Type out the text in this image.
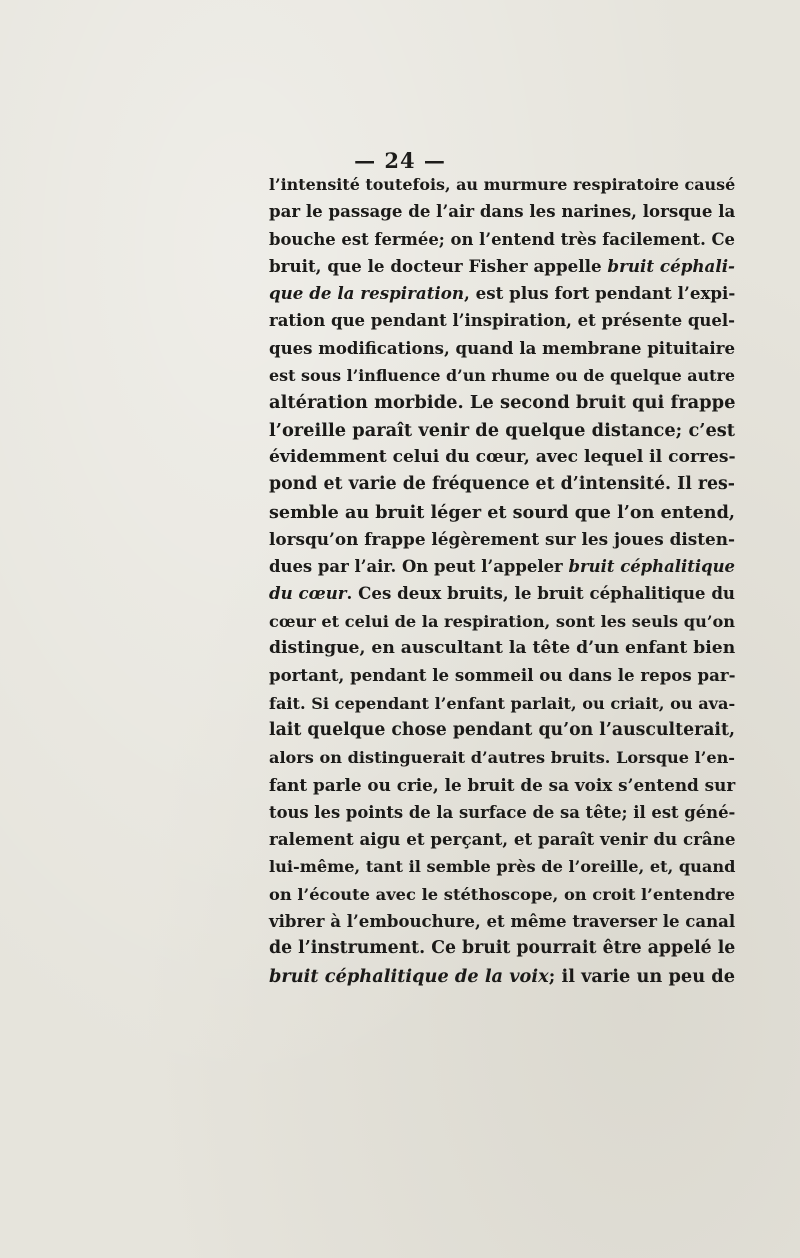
— 24 —
l’intensité toutefois, au murmure respiratoire causé
par le passage de l’air dans les narines, lorsque la
bouche est fermée; on l’entend très facilement. Ce
bruit, que le docteur Fisher appelle bruit céphali-
que de la respiration, est plus fort pendant l’expi-
ration que pendant l’inspiration, et présente quel-
ques modifications, quand la membrane pituitaire
est sous l’influence d’un rhume ou de quelque autre
altération morbide. Le second bruit qui frappe
l’oreille paraît venir de quelque distance; c’est
évidemment celui du cœur, avec lequel il corres-
pond et varie de fréquence et d’intensité. Il res-
semble au bruit léger et sourd que l’on entend,
lorsqu’on frappe légèrement sur les joues disten-
dues par l’air. On peut l’appeler bruit céphalitique
du cœur. Ces deux bruits, le bruit céphalitique du
cœur et celui de la respiration, sont les seuls qu’on
distingue, en auscultant la tête d’un enfant bien
portant, pendant le sommeil ou dans le repos par-
fait. Si cependant l’enfant parlait, ou criait, ou ava-
lait quelque chose pendant qu’on l’ausculterait,
alors on distinguerait d’autres bruits. Lorsque l’en-
fant parle ou crie, le bruit de sa voix s’entend sur
tous les points de la surface de sa tête; il est géné-
ralement aigu et perçant, et paraît venir du crâne
lui-même, tant il semble près de l’oreille, et, quand
on l’écoute avec le stéthoscope, on croit l’entendre
vibrer à l’embouchure, et même traverser le canal
de l’instrument. Ce bruit pourrait être appelé le
bruit céphalitique de la voix; il varie un peu de
